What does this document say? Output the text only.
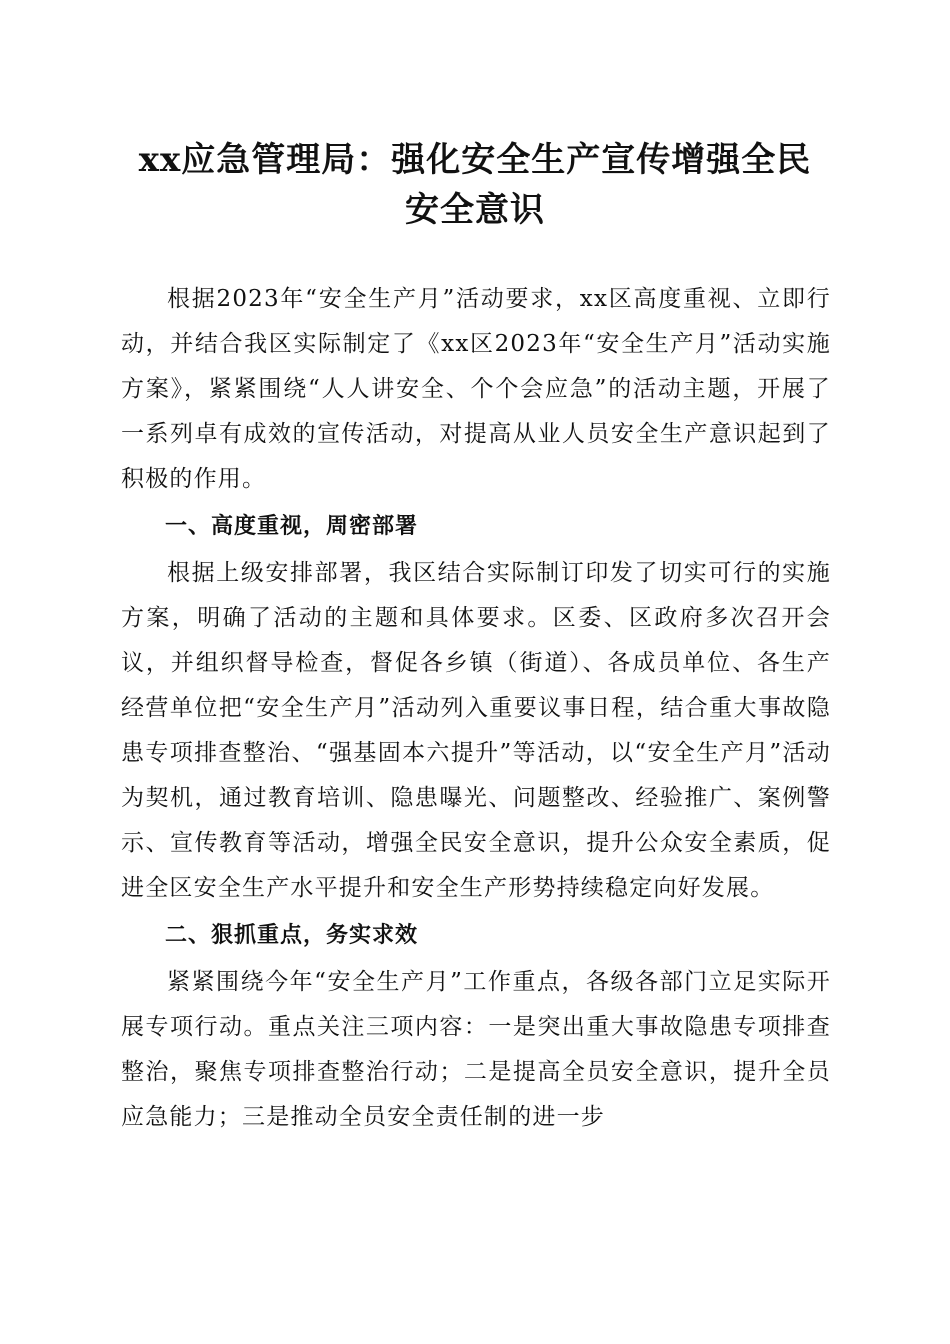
xx应急管理局：强化安全生产宣传增强全民
安全意识

根据2023年“安全生产月”活动要求，xx区高度重视、立即行动，并结合我区实际制定了《xx区2023年“安全生产月”活动实施方案》，紧紧围绕“人人讲安全、个个会应急”的活动主题，开展了一系列卓有成效的宣传活动，对提高从业人员安全生产意识起到了积极的作用。

一、高度重视，周密部署

根据上级安排部署，我区结合实际制订印发了切实可行的实施方案，明确了活动的主题和具体要求。区委、区政府多次召开会议，并组织督导检查，督促各乡镇（街道）、各成员单位、各生产经营单位把“安全生产月”活动列入重要议事日程，结合重大事故隐患专项排查整治、“强基固本六提升”等活动，以“安全生产月”活动为契机，通过教育培训、隐患曝光、问题整改、经验推广、案例警示、宣传教育等活动，增强全民安全意识，提升公众安全素质，促进全区安全生产水平提升和安全生产形势持续稳定向好发展。

二、狠抓重点，务实求效

紧紧围绕今年“安全生产月”工作重点，各级各部门立足实际开展专项行动。重点关注三项内容：一是突出重大事故隐患专项排查整治，聚焦专项排查整治行动；二是提高全员安全意识，提升全员应急能力；三是推动全员安全责任制的进一步
